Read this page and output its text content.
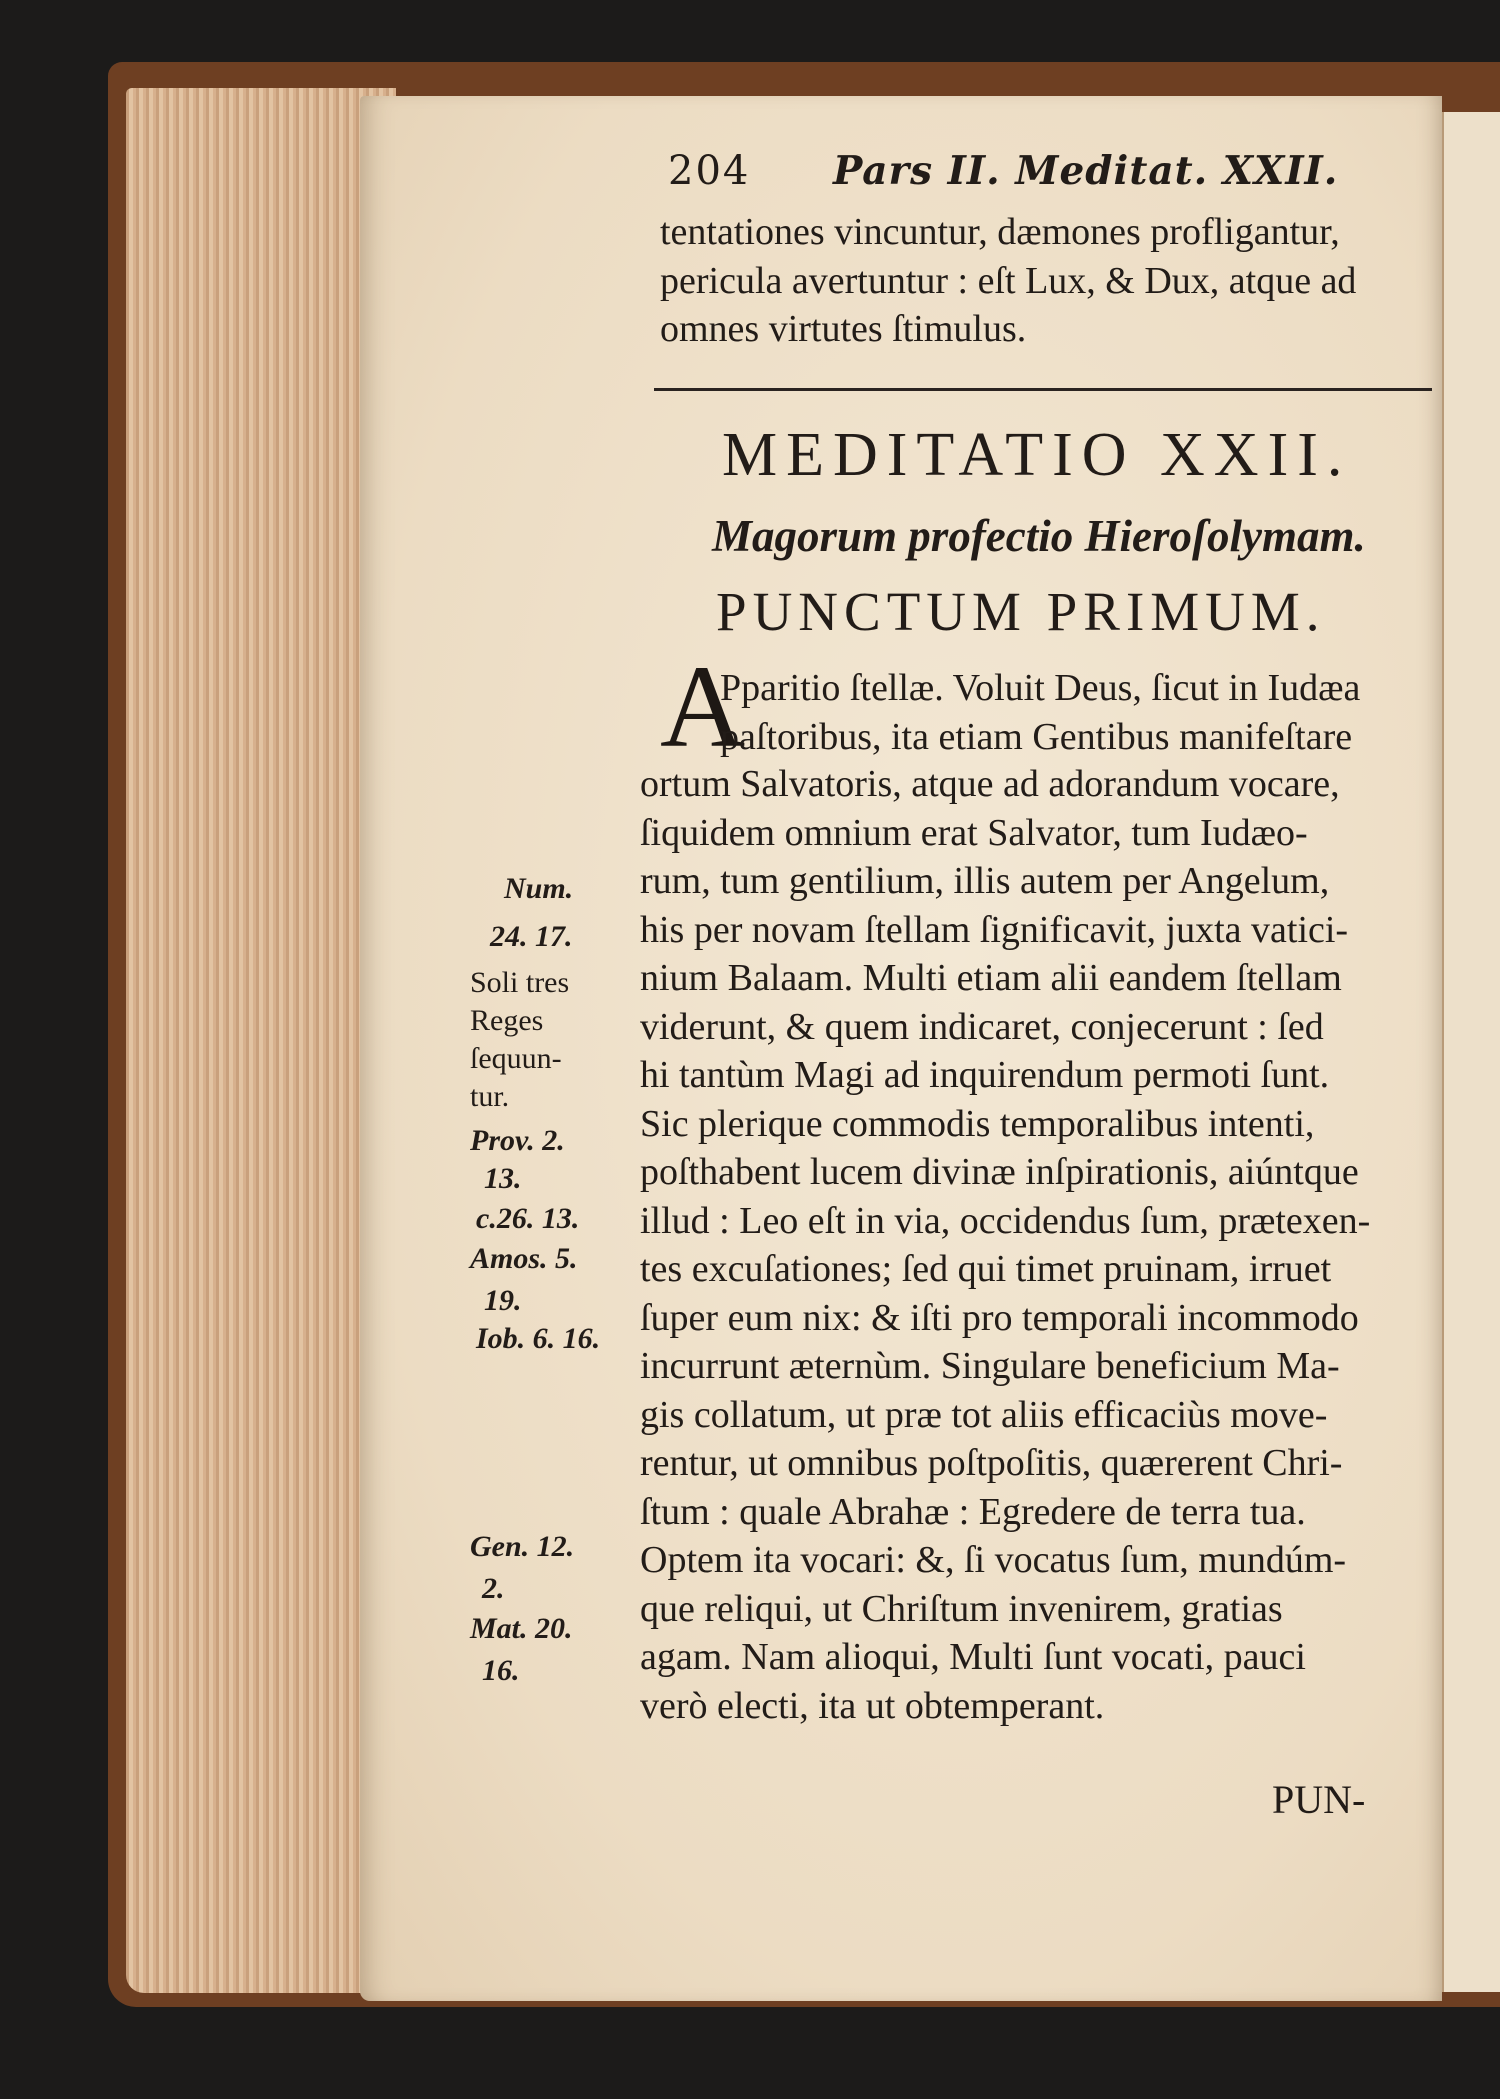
204 Pars II. Meditat. XXII.
tentationes vincuntur, dæmones profligantur,
pericula avertuntur : eſt Lux, & Dux, atque ad
omnes virtutes ſtimulus.
MEDITATIO XXII.
Magorum profectio Hieroſolymam.
PUNCTUM PRIMUM.
A
Pparitio ſtellæ. Voluit Deus, ſicut in Iudæa
paſtoribus, ita etiam Gentibus manifeſtare
ortum Salvatoris, atque ad adorandum vocare,
ſiquidem omnium erat Salvator, tum Iudæo-
rum, tum gentilium, illis autem per Angelum,
his per novam ſtellam ſignificavit, juxta vatici-
nium Balaam. Multi etiam alii eandem ſtellam
viderunt, & quem indicaret, conjecerunt : ſed
hi tantùm Magi ad inquirendum permoti ſunt.
Sic plerique commodis temporalibus intenti,
poſthabent lucem divinæ inſpirationis, aiúntque
illud : Leo eſt in via, occidendus ſum, prætexen-
tes excuſationes; ſed qui timet pruinam, irruet
ſuper eum nix: & iſti pro temporali incommodo
incurrunt æternùm. Singulare beneficium Ma-
gis collatum, ut præ tot aliis efficaciùs move-
rentur, ut omnibus poſtpoſitis, quærerent Chri-
ſtum : quale Abrahæ : Egredere de terra tua.
Optem ita vocari: &, ſi vocatus ſum, mundúm-
que reliqui, ut Chriſtum invenirem, gratias
agam. Nam alioqui, Multi ſunt vocati, pauci
verò electi, ita ut obtemperant.
Num.
24. 17.
Soli tres
Reges
ſequun-
tur.
Prov. 2.
13.
c.26. 13.
Amos. 5.
19.
Iob. 6. 16.
Gen. 12.
2.
Mat. 20.
16.
PUN-
